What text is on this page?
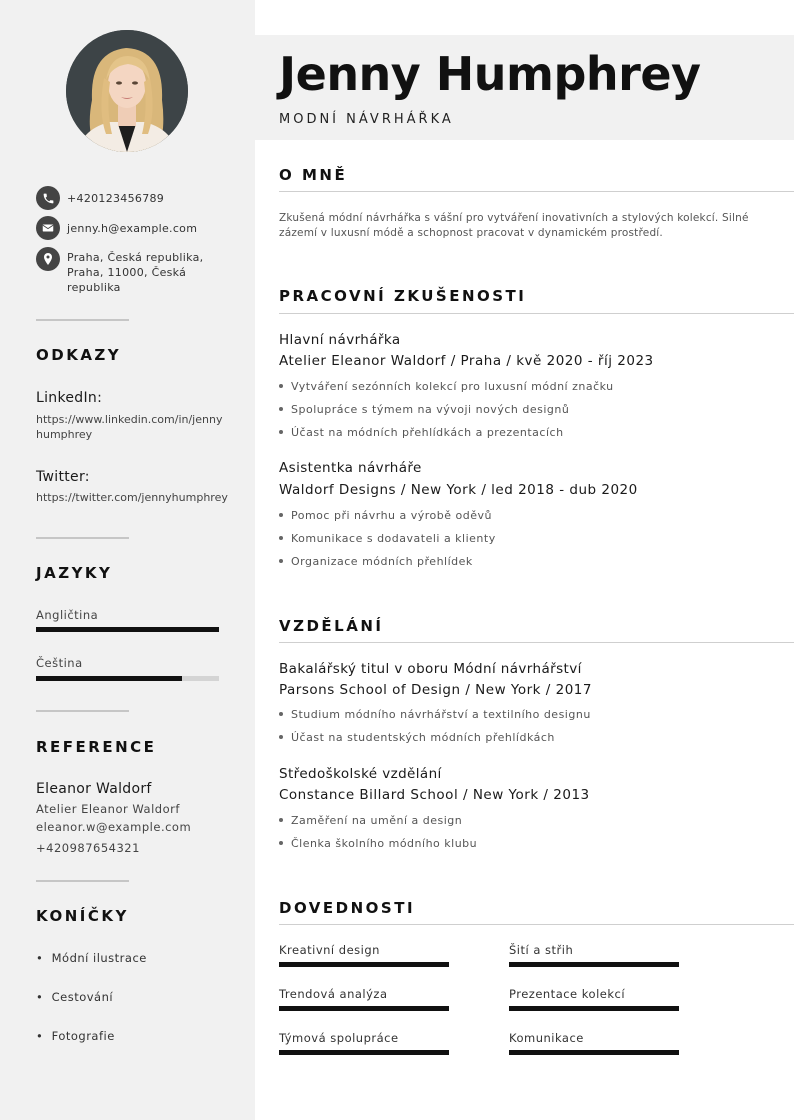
+420123456789
jenny.h@example.com
Praha, Česká republika, Praha, 11000, Česká republika
ODKAZY
LinkedIn:
https://www.linkedin.com/in/jenny humphrey
Twitter:
https://twitter.com/jennyhumphrey
JAZYKY
Angličtina
Čeština
REFERENCE
Eleanor Waldorf
Atelier Eleanor Waldorf
eleanor.w@example.com
+420987654321
KONÍČKY
•  Módní ilustrace
•  Cestování
•  Fotografie
Jenny Humphrey
MODNÍ NÁVRHÁŘKA
O MNĚ
Zkušená módní návrhářka s vášní pro vytváření inovativních a stylových kolekcí. Silné zázemí v luxusní módě a schopnost pracovat v dynamickém prostředí.
PRACOVNÍ ZKUŠENOSTI
Hlavní návrhářka
Atelier Eleanor Waldorf / Praha / kvě 2020 - říj 2023
Vytváření sezónních kolekcí pro luxusní módní značku
Spolupráce s týmem na vývoji nových designů
Účast na módních přehlídkách a prezentacích
Asistentka návrháře
Waldorf Designs / New York / led 2018 - dub 2020
Pomoc při návrhu a výrobě oděvů
Komunikace s dodavateli a klienty
Organizace módních přehlídek
VZDĚLÁNÍ
Bakalářský titul v oboru Módní návrhářství
Parsons School of Design / New York / 2017
Studium módního návrhářství a textilního designu
Účast na studentských módních přehlídkách
Středoškolské vzdělání
Constance Billard School / New York / 2013
Zaměření na umění a design
Členka školního módního klubu
DOVEDNOSTI
Kreativní design	Šití a střih
Trendová analýza	Prezentace kolekcí
Týmová spolupráce	Komunikace
